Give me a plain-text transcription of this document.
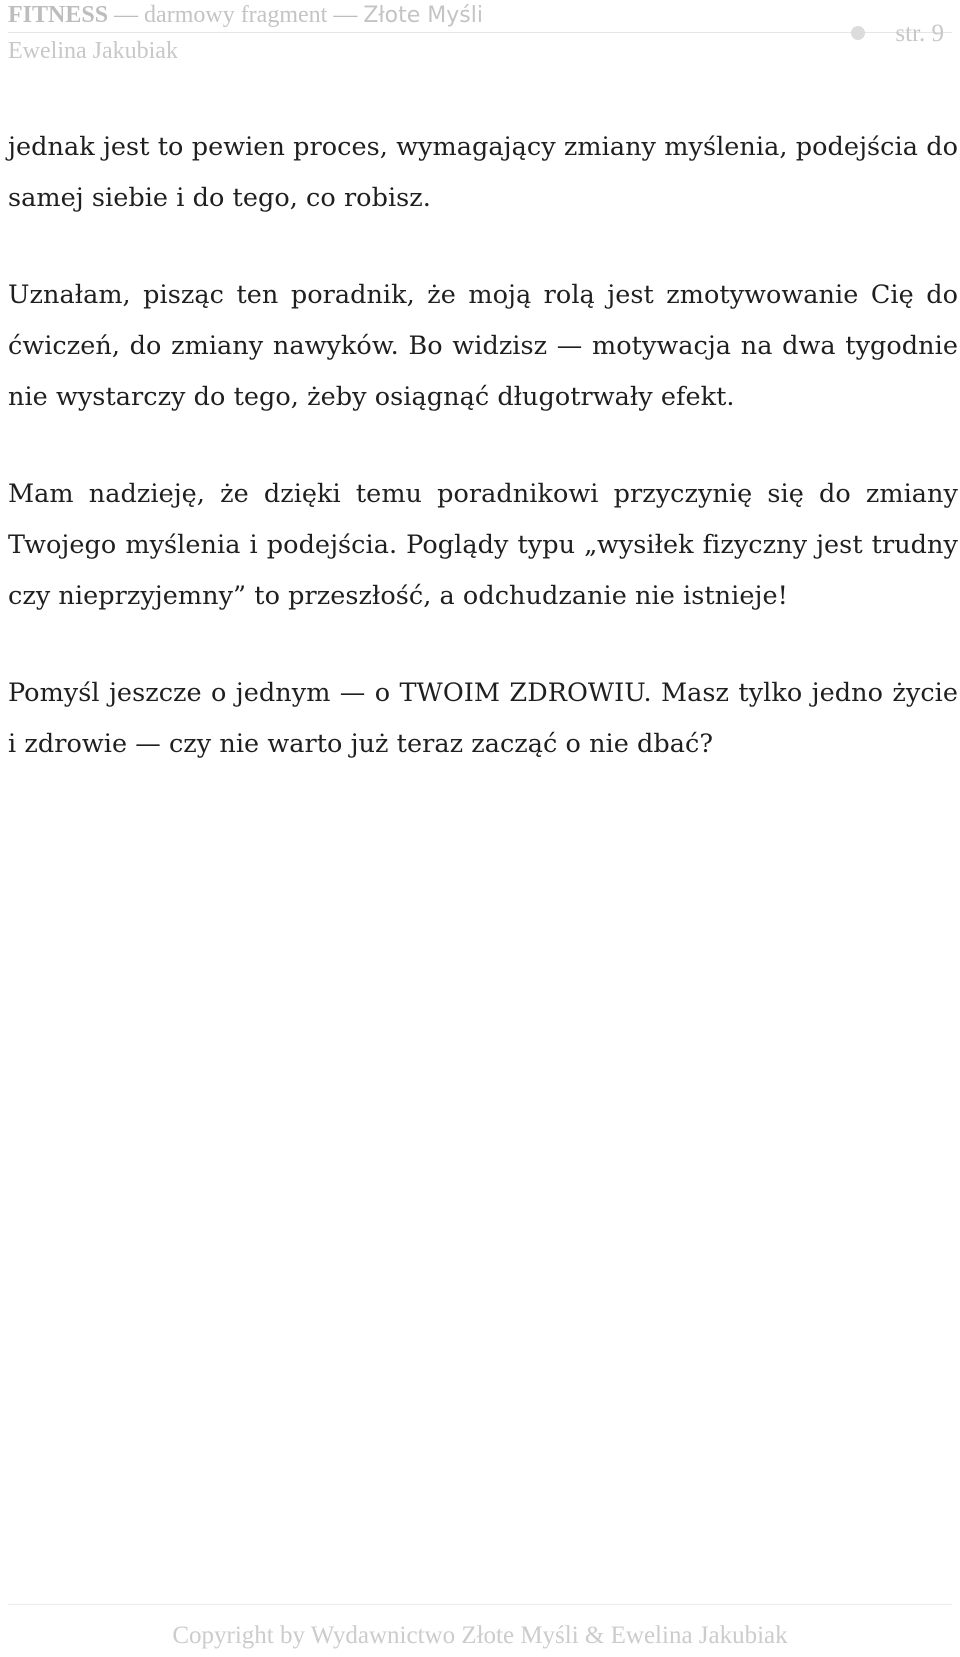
FITNESS — darmowy fragment — Złote Myśli
Ewelina Jakubiak
str. 9

jednak jest to pewien proces, wymagający zmiany myślenia, podejścia do samej siebie i do tego, co robisz.

Uznałam, pisząc ten poradnik, że moją rolą jest zmotywowanie Cię do ćwiczeń, do zmiany nawyków. Bo widzisz — motywacja na dwa tygodnie nie wystarczy do tego, żeby osiągnąć długotrwały efekt.

Mam nadzieję, że dzięki temu poradnikowi przyczynię się do zmiany Twojego myślenia i podejścia. Poglądy typu „wysiłek fizyczny jest trudny czy nieprzyjemny” to przeszłość, a odchudzanie nie istnieje!

Pomyśl jeszcze o jednym — o TWOIM ZDROWIU. Masz tylko jedno życie i zdrowie — czy nie warto już teraz zacząć o nie dbać?

Copyright by Wydawnictwo Złote Myśli & Ewelina Jakubiak
